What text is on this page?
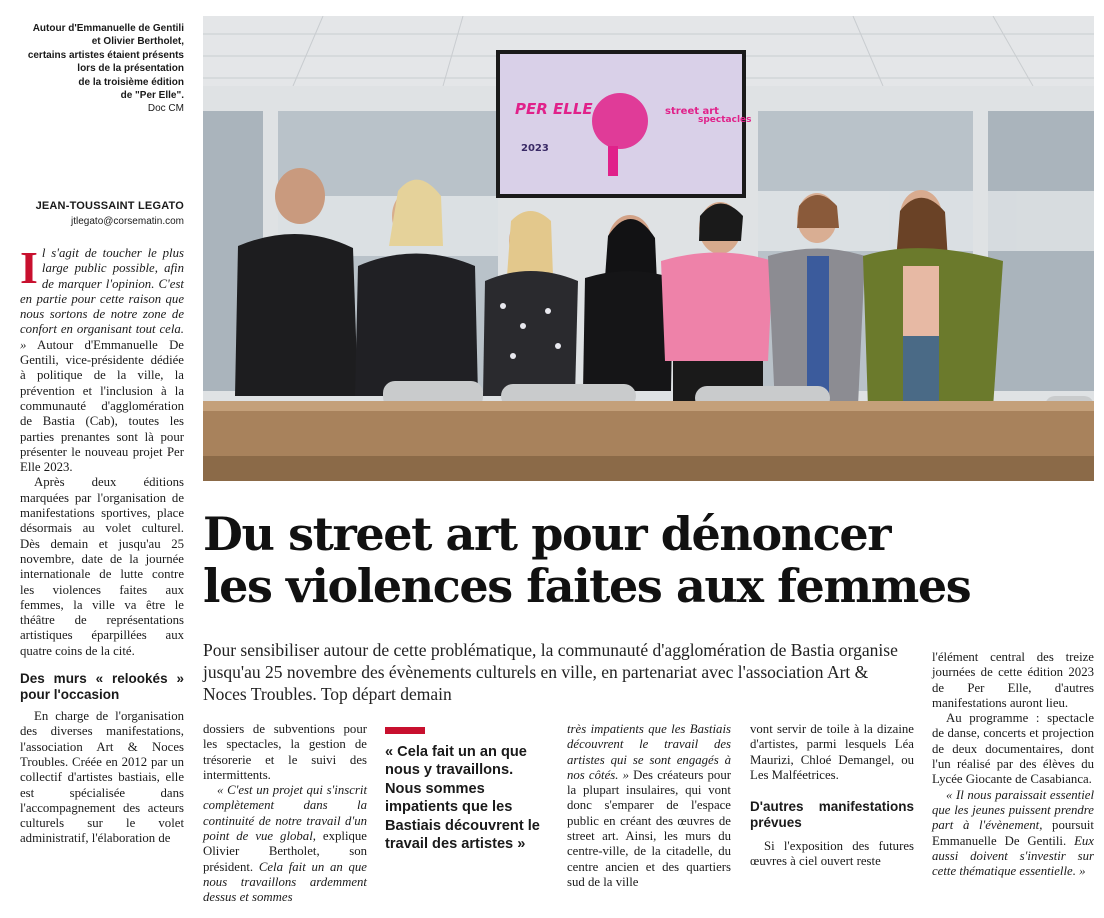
Autour d'Emmanuelle de Gentili
et Olivier Bertholet,
certains artistes étaient présents
lors de la présentation
de la troisième édition
de "Per Elle".
Doc CM
JEAN-TOUSSAINT LEGATO
jtlegato@corsematin.com

Il s'agit de toucher le plus large public possible, afin de marquer l'opinion. C'est en partie pour cette raison que nous sortons de notre zone de confort en organisant tout cela. » Autour d'Emmanuelle De Gentili, vice-présidente dédiée à politique de la ville, la prévention et l'inclusion à la communauté d'agglomération de Bastia (Cab), toutes les parties prenantes sont là pour présenter le nouveau projet Per Elle 2023.

Après deux éditions marquées par l'organisation de manifestations sportives, place désormais au volet culturel. Dès demain et jusqu'au 25 novembre, date de la journée internationale de lutte contre les violences faites aux femmes, la ville va être le théâtre de représentations artistiques éparpillées aux quatre coins de la cité.

Des murs « relookés » pour l'occasion

En charge de l'organisation des diverses manifestations, l'association Art & Noces Troubles. Créée en 2012 par un collectif d'artistes bastiais, elle est spécialisée dans l'accompagnement des acteurs culturels sur le volet administratif, l'élaboration de

PER ELLE
2023
street art
spectacles
Du street art pour dénoncer
les violences faites aux femmes
Pour sensibiliser autour de cette problématique, la communauté d'agglomération de Bastia organise jusqu'au 25 novembre des évènements culturels en ville, en partenariat avec l'association Art & Noces Troubles. Top départ demain

dossiers de subventions pour les spectacles, la gestion de trésorerie et le suivi des intermittents.

« C'est un projet qui s'inscrit complètement dans la continuité de notre travail d'un point de vue global, explique Olivier Bertholet, son président. Cela fait un an que nous travaillons ardemment dessus et sommes

« Cela fait un an que nous y travaillons. Nous sommes impatients que les Bastiais découvrent le travail des artistes »

très impatients que les Bastiais découvrent le travail des artistes qui se sont engagés à nos côtés. » Des créateurs pour la plupart insulaires, qui vont donc s'emparer de l'espace public en créant des œuvres de street art. Ainsi, les murs du centre-ville, de la citadelle, du centre ancien et des quartiers sud de la ville

vont servir de toile à la dizaine d'artistes, parmi lesquels Léa Maurizi, Chloé Demangel, ou Les Malféetrices.

D'autres manifestations prévues

Si l'exposition des futures œuvres à ciel ouvert reste

l'élément central des treize journées de cette édition 2023 de Per Elle, d'autres manifestations auront lieu.

Au programme : spectacle de danse, concerts et projection de deux documentaires, dont l'un réalisé par des élèves du Lycée Giocante de Casabianca.

« Il nous paraissait essentiel que les jeunes puissent prendre part à l'évènement, poursuit Emmanuelle De Gentili. Eux aussi doivent s'investir sur cette thématique essentielle. »
